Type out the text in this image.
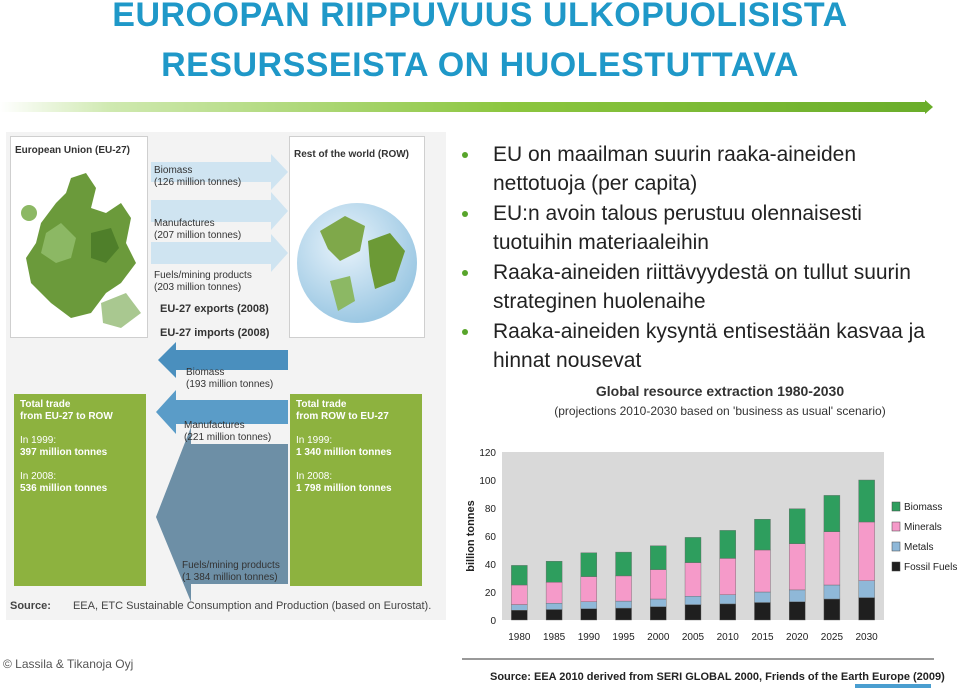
EUROOPAN RIIPPUVUUS ULKOPUOLISISTA
RESURSSEISTA ON HUOLESTUTTAVA
European Union (EU-27)	Rest of the world (ROW)
Biomass
(126 million tonnes)
Manufactures
(207 million tonnes)
Fuels/mining products
(203 million tonnes)
EU-27 exports (2008)
EU-27 imports (2008)
Biomass
(193 million tonnes)
Manufactures
(221 million tonnes)
Fuels/mining products
(1 384 million tonnes)
Total trade
from EU-27 to ROW

In 1999:

397 million tonnes

In 2008:

536 million tonnes
Total trade
from ROW to EU-27

In 1999:

1 340 million tonnes

In 2008:

1 798 million tonnes
Source: EEA, ETC Sustainable Consumption and Production (based on Eurostat).
EU on maailman suurin raaka-aineiden nettotuoja (per capita)
EU:n avoin talous perustuu olennaisesti tuotuihin materiaaleihin
Raaka-aineiden riittävyydestä on tullut suurin strateginen huolenaihe
Raaka-aineiden kysyntä entisestään kasvaa ja hinnat nousevat
Global resource extraction 1980-2030
(projections 2010-2030 based on 'business as usual' scenario)
billion tonnes
0
20
40
60
80
100
120
1980 1985 1990 1995 2000 2005 2010 2015 2020 2025 2030
Biomass
Minerals
Metals
Fossil Fuels
Source: EEA 2010 derived from SERI GLOBAL 2000, Friends of the Earth Europe (2009)
© Lassila & Tikanoja Oyj
